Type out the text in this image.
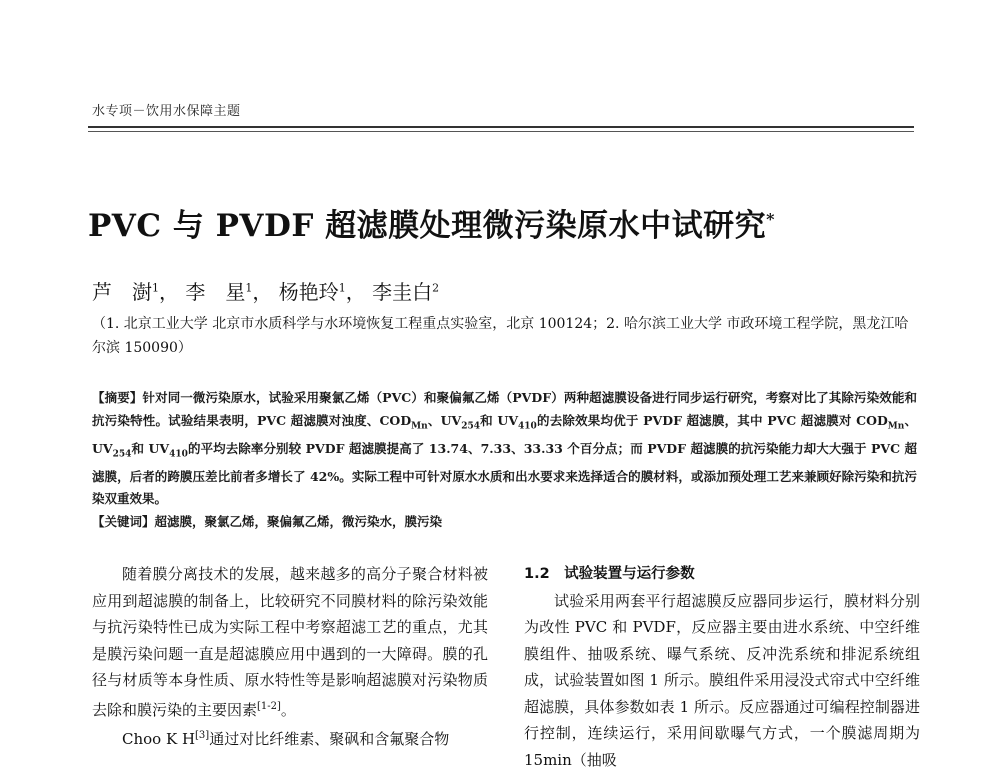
水专项－饮用水保障主题
PVC 与 PVDF 超滤膜处理微污染原水中试研究*
芦　澍$^1$， 李　星$^1$， 杨艳玲$^1$， 李圭白$^2$
（1. 北京工业大学 北京市水质科学与水环境恢复工程重点实验室，北京 100124；2. 哈尔滨工业大学 市政环境工程学院，黑龙江哈尔滨 150090）
【摘要】针对同一微污染原水，试验采用聚氯乙烯（PVC）和聚偏氟乙烯（PVDF）两种超滤膜设备进行同步运行研究，考察对比了其除污染效能和抗污染特性。试验结果表明，PVC 超滤膜对浊度、$COD_{Mn}$、$UV_{254}$和 $UV_{410}$的去除效果均优于 PVDF 超滤膜，其中 PVC 超滤膜对 $COD_{Mn}$、$UV_{254}$和 $UV_{410}$的平均去除率分别较 PVDF 超滤膜提高了 13.74、7.33、33.33 个百分点；而 PVDF 超滤膜的抗污染能力却大大强于 PVC 超滤膜，后者的跨膜压差比前者多增长了 42%。实际工程中可针对原水水质和出水要求来选择适合的膜材料，或添加预处理工艺来兼顾好除污染和抗污染双重效果。
【关键词】超滤膜，聚氯乙烯，聚偏氟乙烯，微污染水，膜污染
随着膜分离技术的发展，越来越多的高分子聚合材料被应用到超滤膜的制备上，比较研究不同膜材料的除污染效能与抗污染特性已成为实际工程中考察超滤工艺的重点，尤其是膜污染问题一直是超滤膜应用中遇到的一大障碍。膜的孔径与材质等本身性质、原水特性等是影响超滤膜对污染物质去除和膜污染的主要因素[1-2]。
Choo K H[3]通过对比纤维素、聚砜和含氟聚合物
1.2　试验装置与运行参数
试验采用两套平行超滤膜反应器同步运行，膜材料分别为改性 PVC 和 PVDF，反应器主要由进水系统、中空纤维膜组件、抽吸系统、曝气系统、反冲洗系统和排泥系统组成，试验装置如图 1 所示。膜组件采用浸没式帘式中空纤维超滤膜，具体参数如表 1 所示。反应器通过可编程控制器进行控制，连续运行，采用间歇曝气方式，一个膜滤周期为 15min（抽吸
